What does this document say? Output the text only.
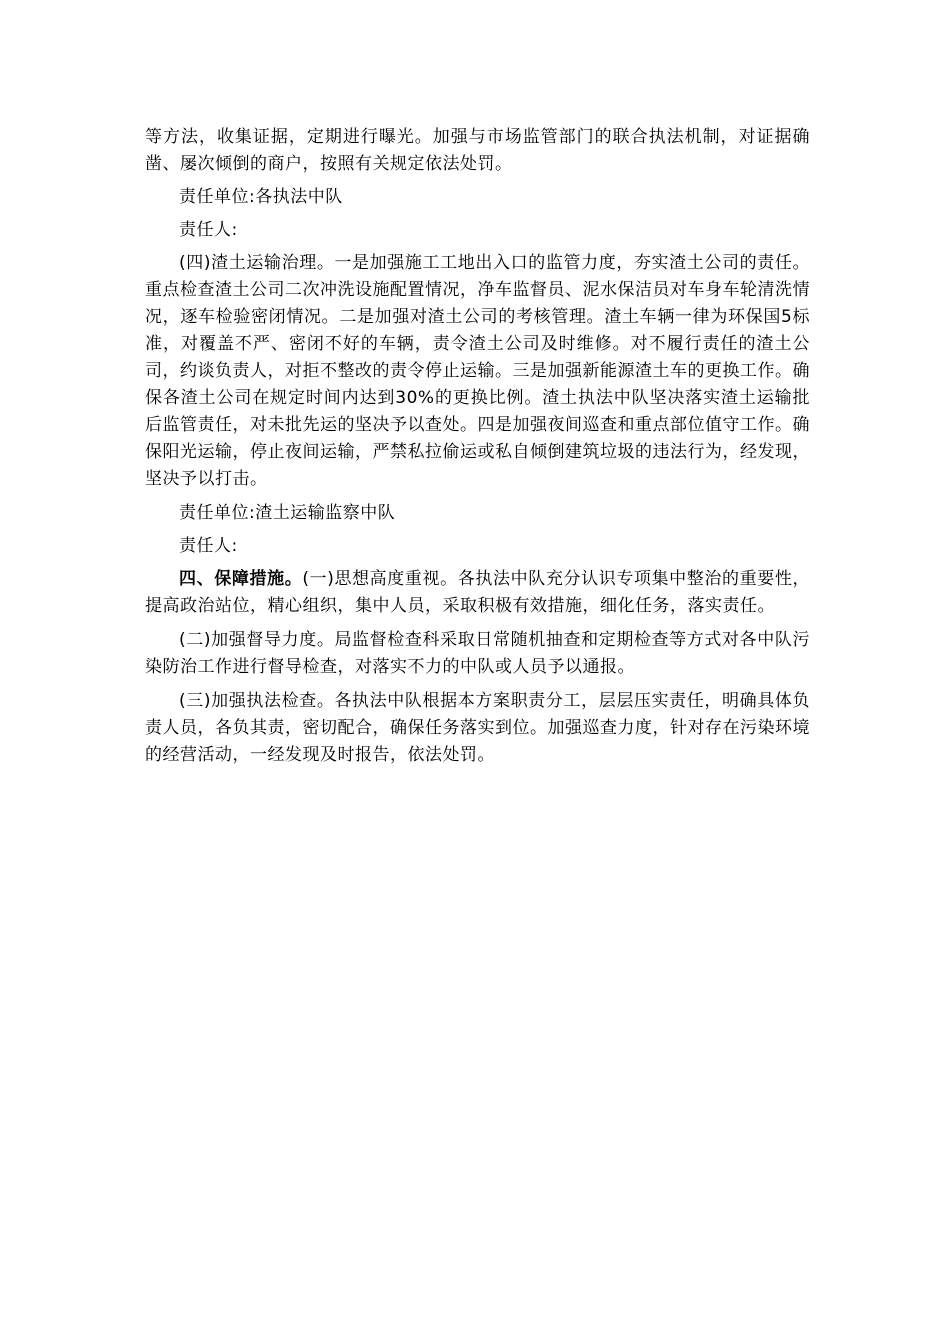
等方法，收集证据，定期进行曝光。加强与市场监管部门的联合执法机制，对证据确凿、屡次倾倒的商户，按照有关规定依法处罚。

责任单位:各执法中队

责任人:

(四)渣土运输治理。一是加强施工工地出入口的监管力度，夯实渣土公司的责任。重点检查渣土公司二次冲洗设施配置情况，净车监督员、泥水保洁员对车身车轮清洗情况，逐车检验密闭情况。二是加强对渣土公司的考核管理。渣土车辆一律为环保国5标准，对覆盖不严、密闭不好的车辆，责令渣土公司及时维修。对不履行责任的渣土公司，约谈负责人，对拒不整改的责令停止运输。三是加强新能源渣土车的更换工作。确保各渣土公司在规定时间内达到30%的更换比例。渣土执法中队坚决落实渣土运输批后监管责任，对未批先运的坚决予以查处。四是加强夜间巡查和重点部位值守工作。确保阳光运输，停止夜间运输，严禁私拉偷运或私自倾倒建筑垃圾的违法行为，经发现，坚决予以打击。

责任单位:渣土运输监察中队

责任人:

四、保障措施。(一)思想高度重视。各执法中队充分认识专项集中整治的重要性，提高政治站位，精心组织，集中人员，采取积极有效措施，细化任务，落实责任。

(二)加强督导力度。局监督检查科采取日常随机抽查和定期检查等方式对各中队污染防治工作进行督导检查，对落实不力的中队或人员予以通报。

(三)加强执法检查。各执法中队根据本方案职责分工，层层压实责任，明确具体负责人员，各负其责，密切配合，确保任务落实到位。加强巡查力度，针对存在污染环境的经营活动，一经发现及时报告，依法处罚。
